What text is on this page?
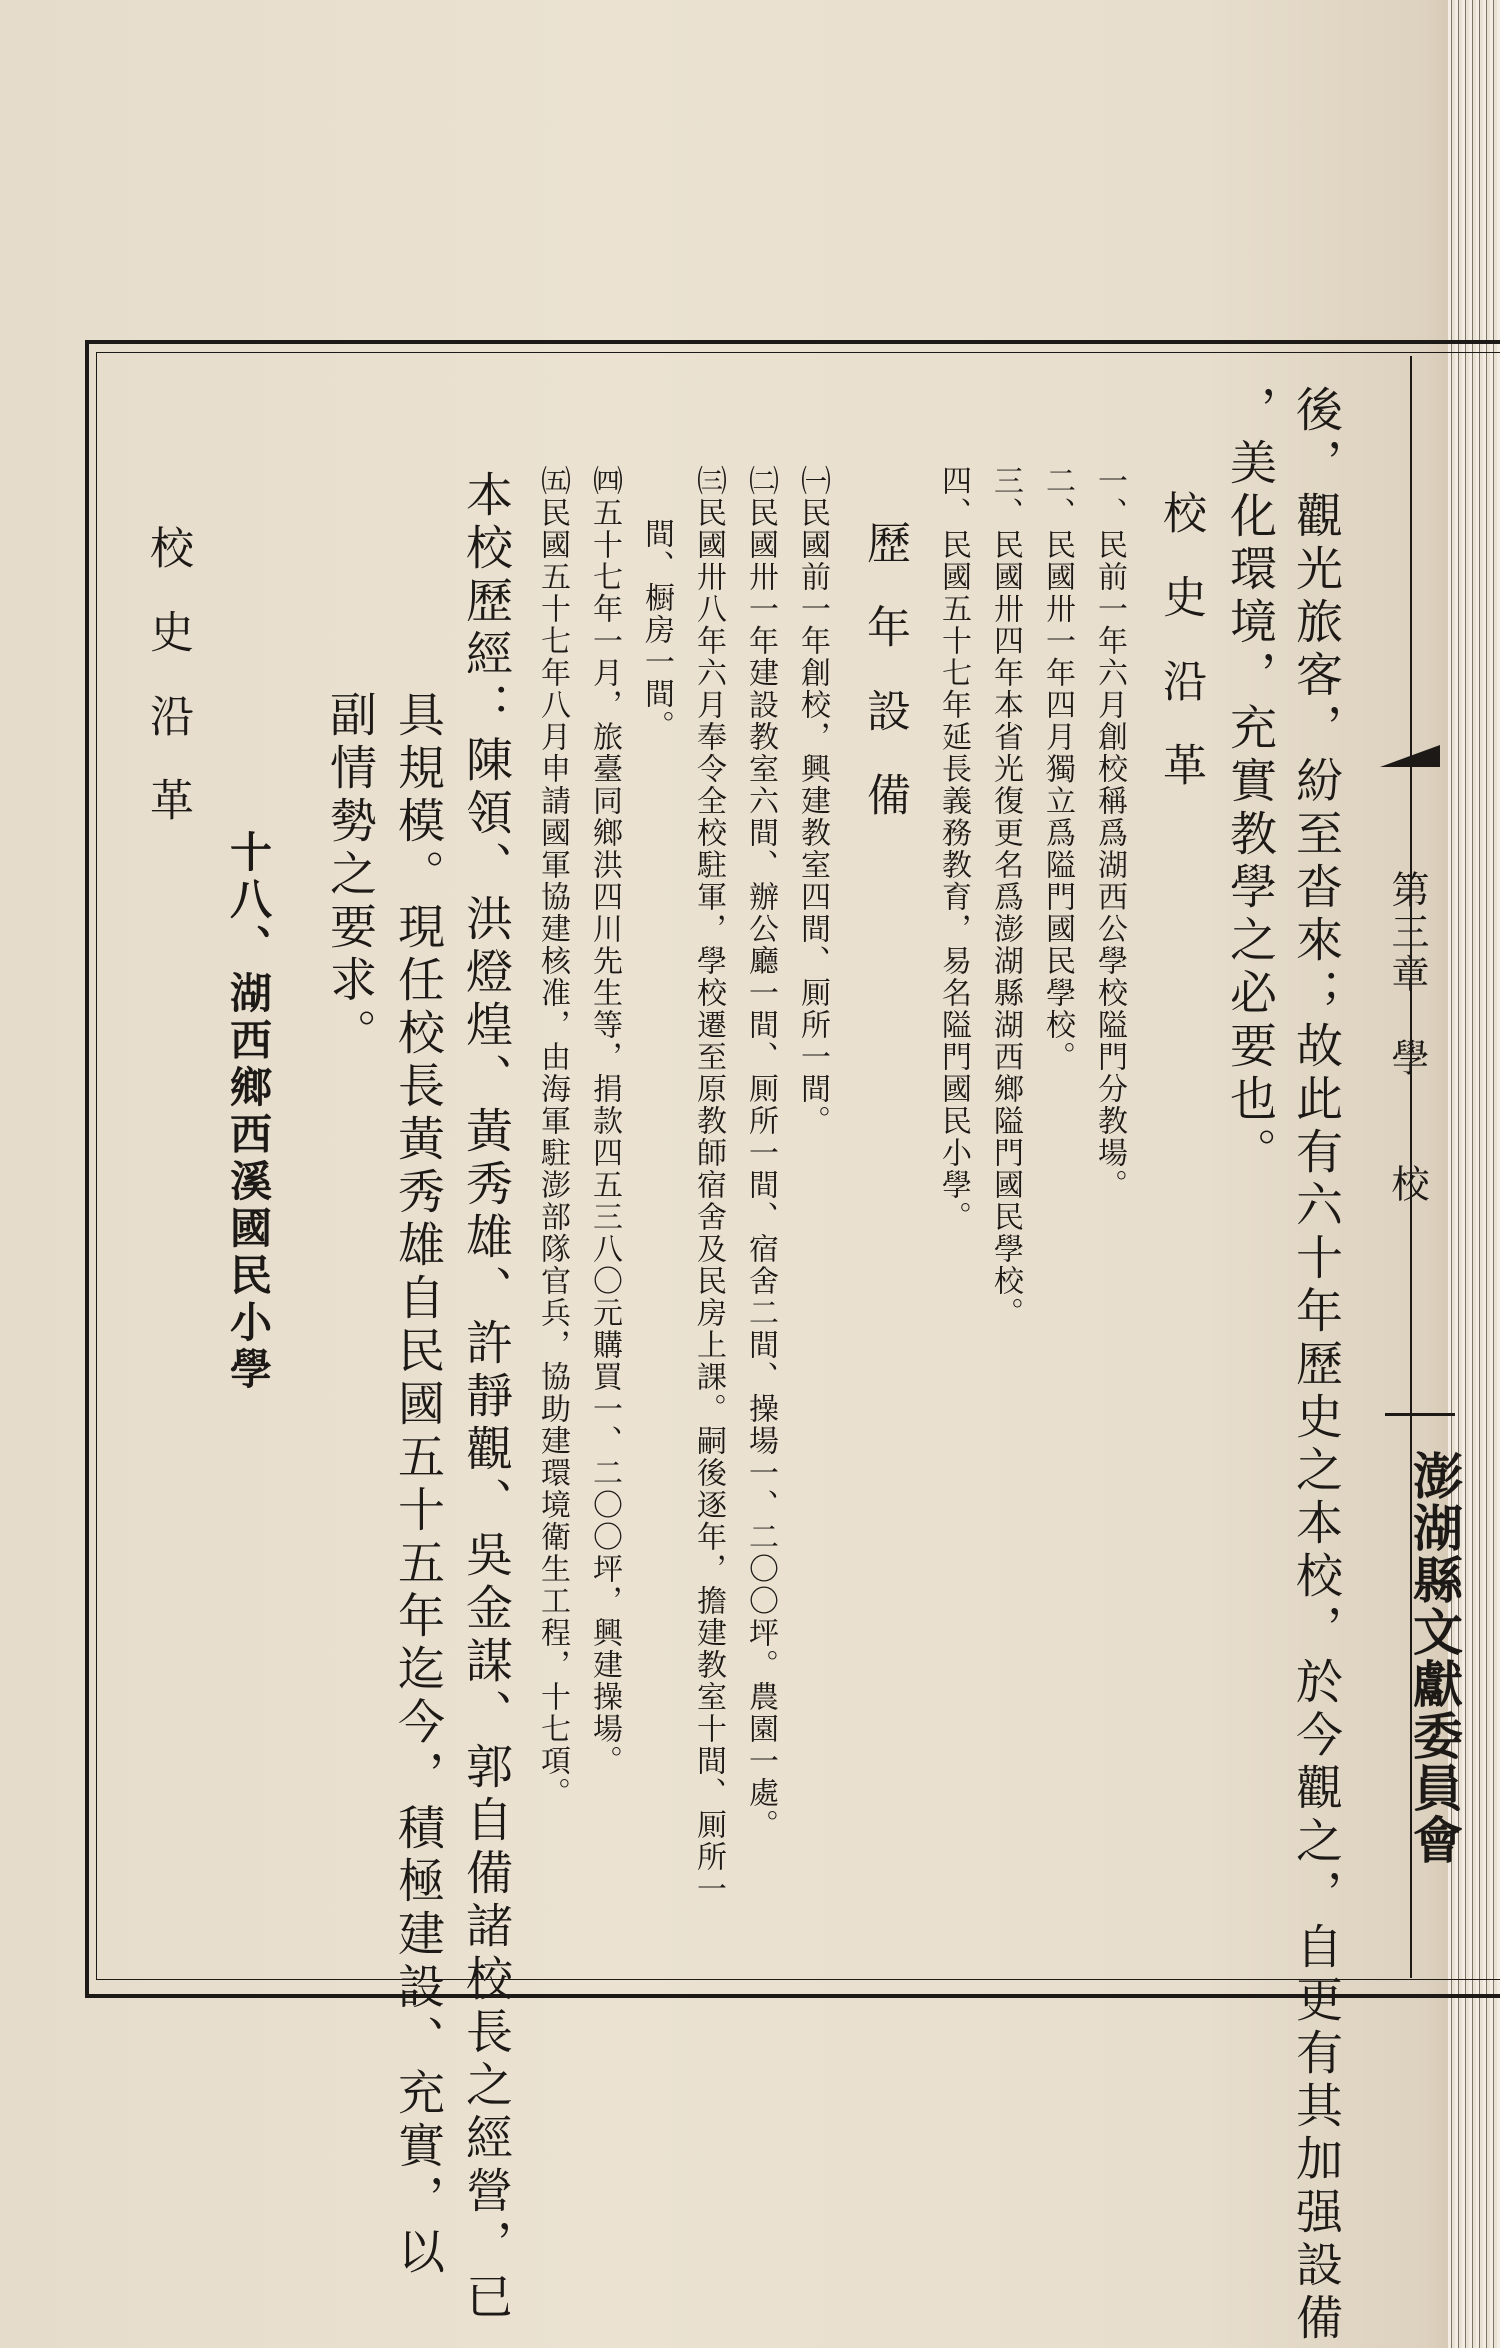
第三章　學　　校
澎湖縣文獻委員會
後，觀光旅客，紛至沓來；故此有六十年歷史之本校，於今觀之，自更有其加强設備
，美化環境，充實教學之必要也。
校史沿革
一、民前一年六月創校稱爲湖西公學校隘門分教場。
二、民國卅一年四月獨立爲隘門國民學校。
三、民國卅四年本省光復更名爲澎湖縣湖西鄉隘門國民學校。
四、民國五十七年延長義務教育，易名隘門國民小學。
歷年設備
㈠民國前一年創校，興建教室四間、厠所一間。
㈡民國卅一年建設教室六間、辦公廳一間、厠所一間、宿舍二間、操場一、二〇〇坪。農園一處。
㈢民國卅八年六月奉令全校駐軍，學校遷至原教師宿舍及民房上課。嗣後逐年，擔建教室十間、厠所一
間、橱房一間。
㈣五十七年一月，旅臺同鄉洪四川先生等，捐款四五三八〇元購買一、二〇〇坪，興建操場。
㈤民國五十七年八月申請國軍協建核准，由海軍駐澎部隊官兵，協助建環境衛生工程，十七項。
本校歷經：陳領、洪燈煌、黃秀雄、許靜觀、吳金謀、郭自備諸校長之經營，已
具規模。現任校長黃秀雄自民國五十五年迄今，積極建設、充實，以
副情勢之要求。
十八、湖西鄉西溪國民小學
校史沿革
